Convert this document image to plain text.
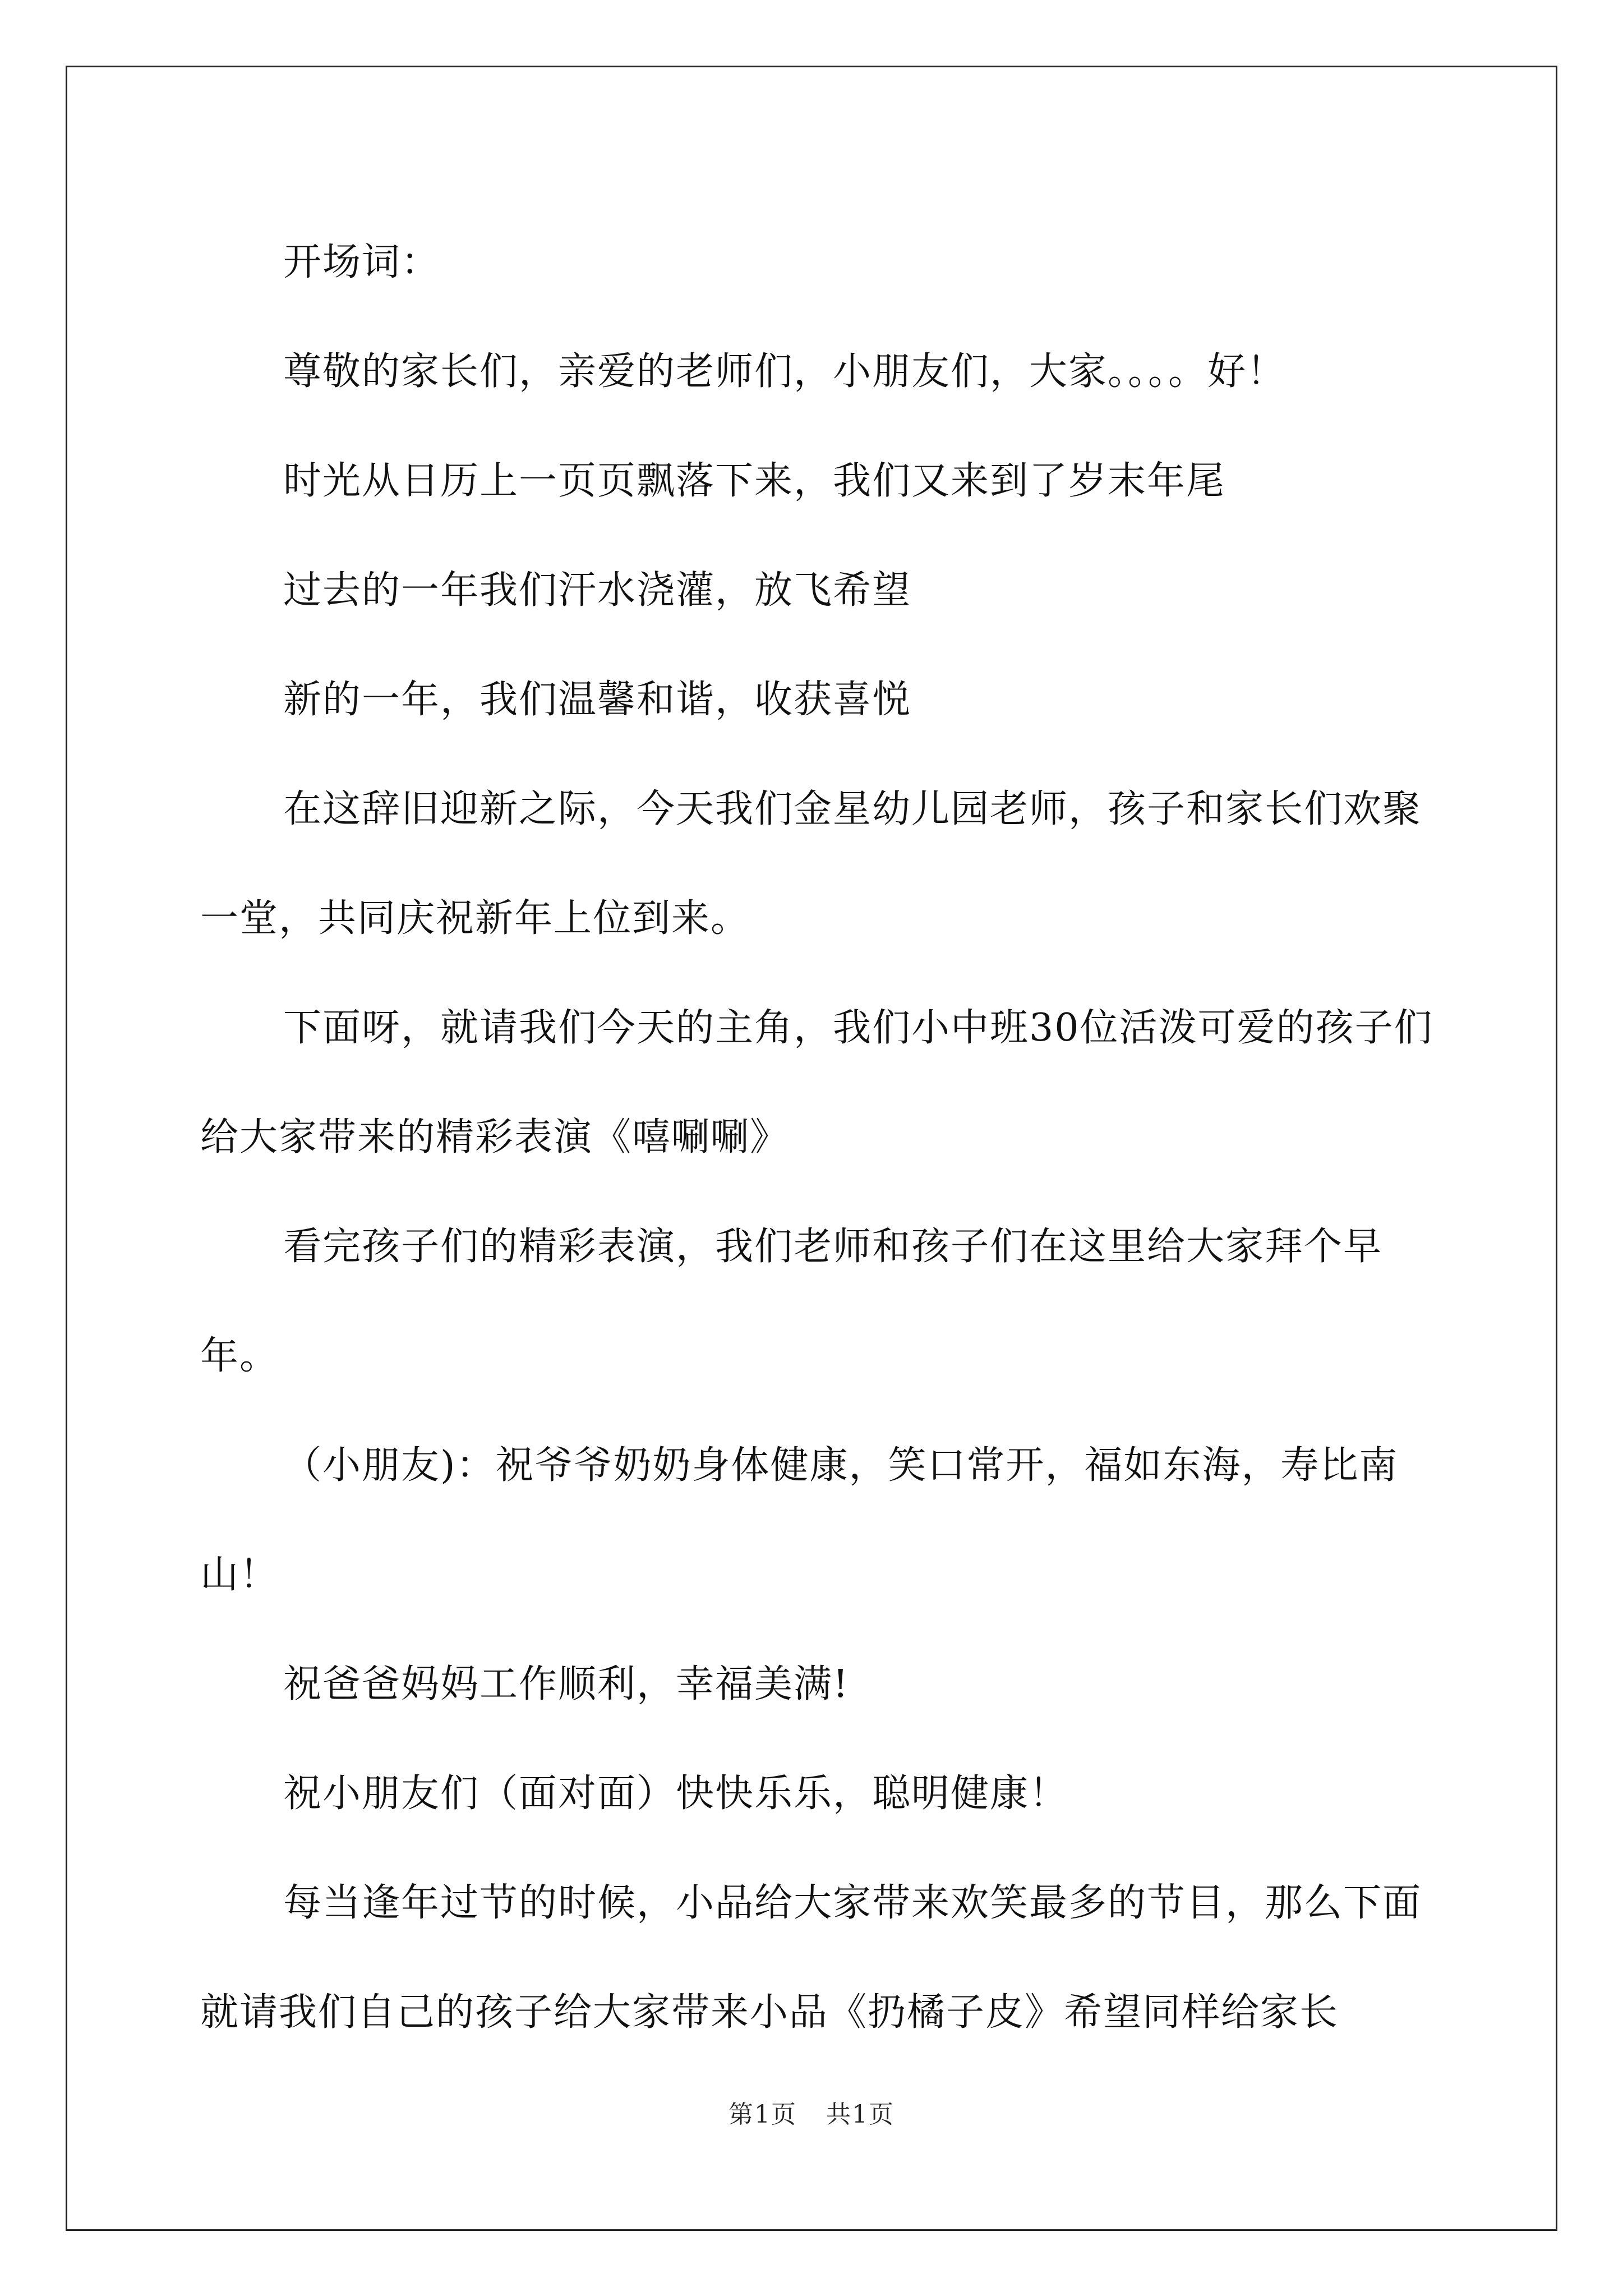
开场词：

尊敬的家长们，亲爱的老师们，小朋友们，大家。。。。好！

时光从日历上一页页飘落下来，我们又来到了岁末年尾

过去的一年我们汗水浇灌，放飞希望

新的一年，我们温馨和谐，收获喜悦

在这辞旧迎新之际，今天我们金星幼儿园老师，孩子和家长们欢聚一堂，共同庆祝新年上位到来。

下面呀，就请我们今天的主角，我们小中班30位活泼可爱的孩子们给大家带来的精彩表演《嘻唰唰》

看完孩子们的精彩表演，我们老师和孩子们在这里给大家拜个早年。

（小朋友)：祝爷爷奶奶身体健康，笑口常开，福如东海，寿比南山！

祝爸爸妈妈工作顺利，幸福美满!

祝小朋友们（面对面）快快乐乐，聪明健康！

每当逢年过节的时候，小品给大家带来欢笑最多的节目，那么下面就请我们自己的孩子给大家带来小品《扔橘子皮》希望同样给家长

第1页 共1页
